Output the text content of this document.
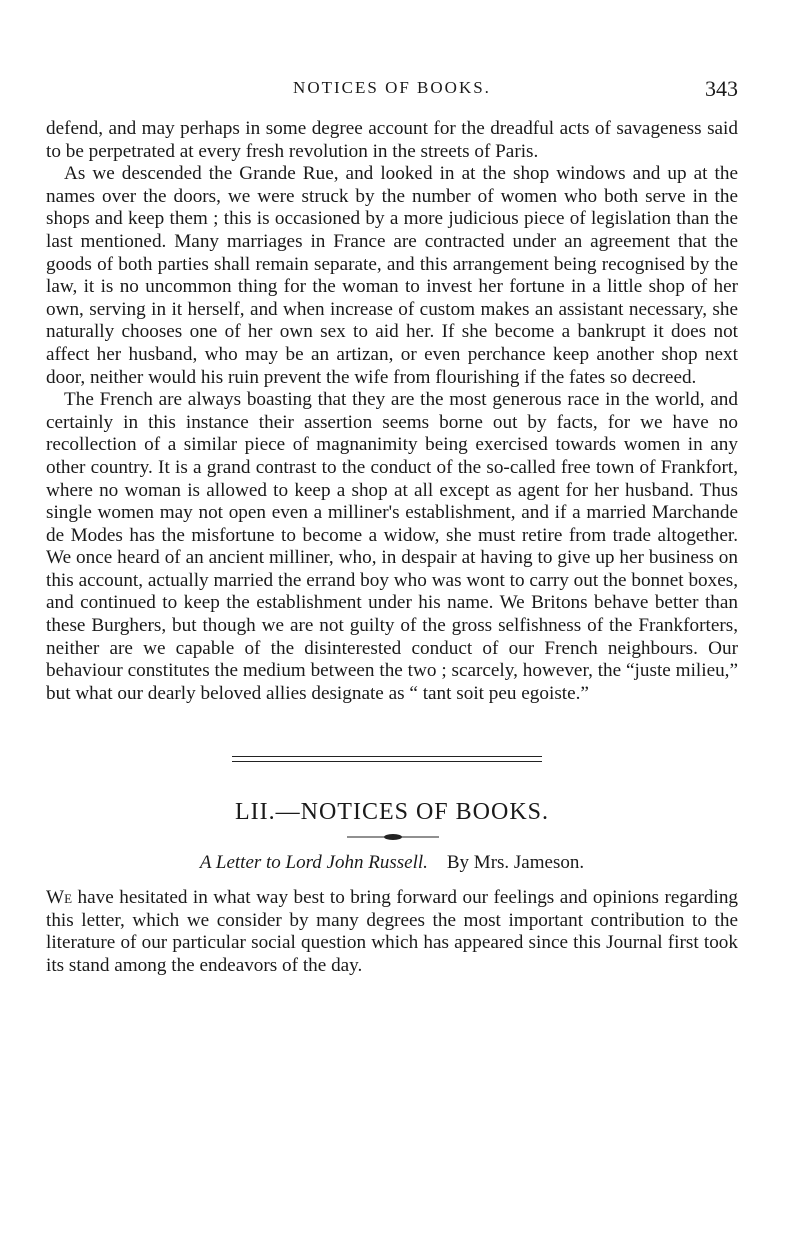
NOTICES OF BOOKS.	343

defend, and may perhaps in some degree account for the dreadful acts of savageness said to be perpetrated at every fresh revolution in the streets of Paris.

As we descended the Grande Rue, and looked in at the shop windows and up at the names over the doors, we were struck by the number of women who both serve in the shops and keep them ; this is occasioned by a more judicious piece of legislation than the last mentioned. Many marriages in France are contracted under an agreement that the goods of both parties shall remain separate, and this arrangement being recognised by the law, it is no uncommon thing for the woman to invest her fortune in a little shop of her own, serving in it herself, and when increase of custom makes an assistant necessary, she naturally chooses one of her own sex to aid her. If she become a bankrupt it does not affect her husband, who may be an artizan, or even perchance keep another shop next door, neither would his ruin prevent the wife from flourishing if the fates so decreed.

The French are always boasting that they are the most generous race in the world, and certainly in this instance their assertion seems borne out by facts, for we have no recollection of a similar piece of magnanimity being exercised towards women in any other country. It is a grand contrast to the conduct of the so-called free town of Frankfort, where no woman is allowed to keep a shop at all except as agent for her husband. Thus single women may not open even a milliner's establishment, and if a married Marchande de Modes has the misfortune to become a widow, she must retire from trade altogether. We once heard of an ancient milliner, who, in despair at having to give up her business on this account, actually married the errand boy who was wont to carry out the bonnet boxes, and continued to keep the establishment under his name. We Britons behave better than these Burghers, but though we are not guilty of the gross selfishness of the Frankforters, neither are we capable of the disinterested conduct of our French neighbours. Our behaviour constitutes the medium between the two ; scarcely, however, the “juste milieu,” but what our dearly beloved allies designate as “ tant soit peu egoiste.”

LII.—NOTICES OF BOOKS.
A Letter to Lord John Russell. By Mrs. Jameson.

We have hesitated in what way best to bring forward our feelings and opinions regarding this letter, which we consider by many degrees the most important contribution to the literature of our particular social question which has appeared since this Journal first took its stand among the endeavors of the day.
